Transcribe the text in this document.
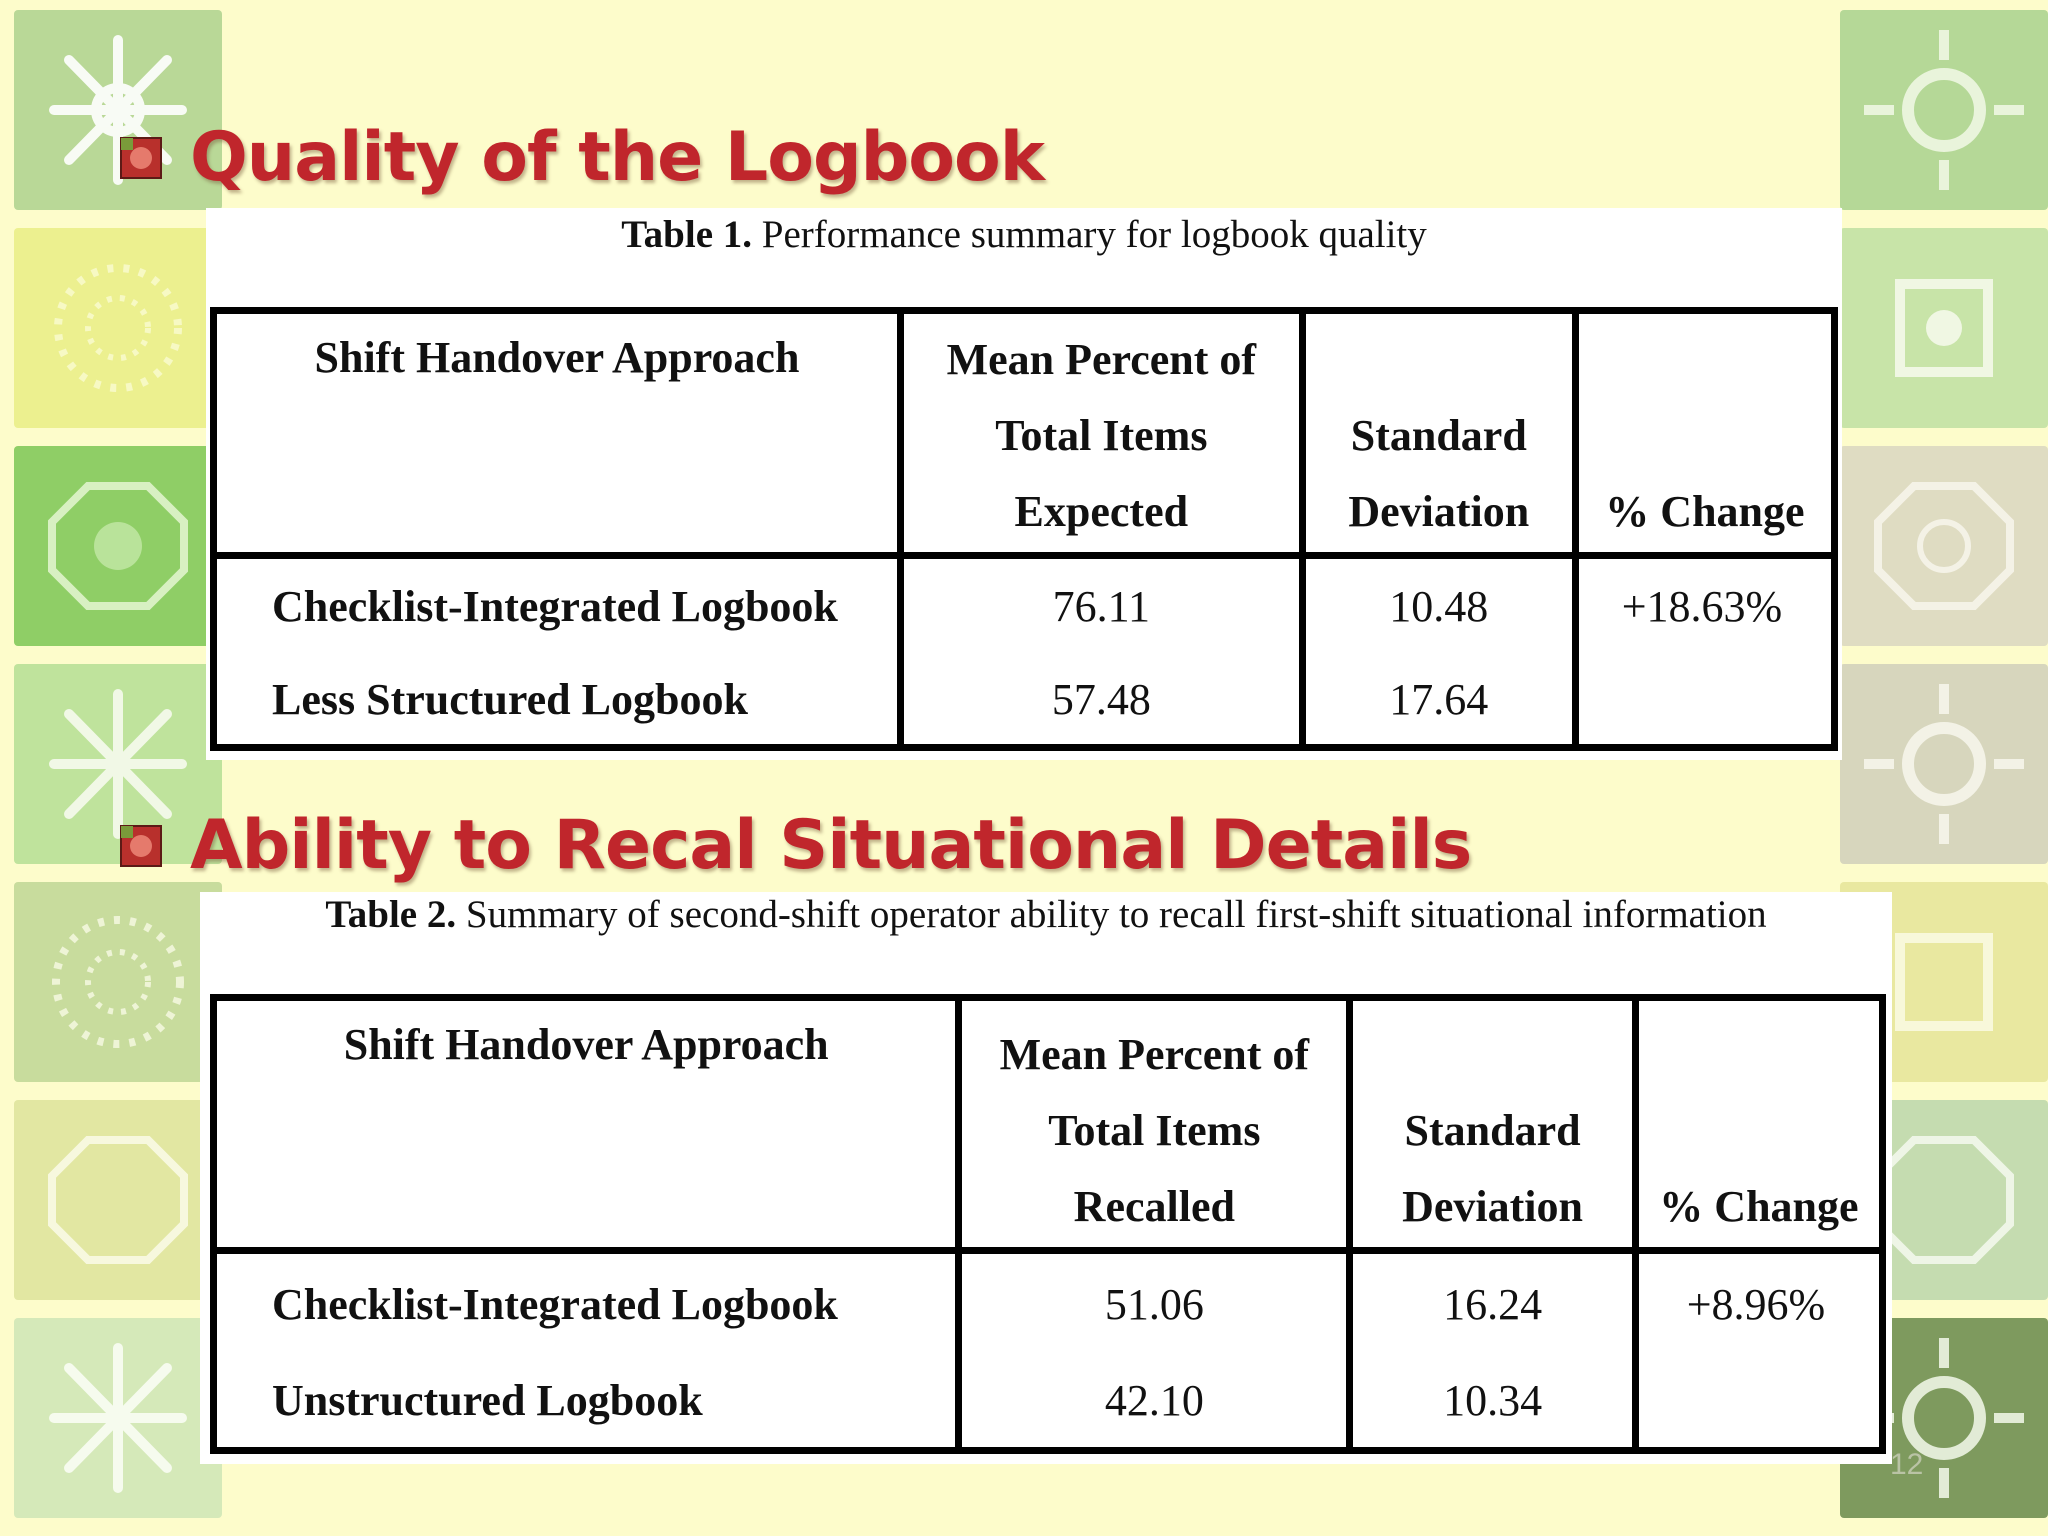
Quality of the Logbook
Table 1. Performance summary for logbook quality
Shift Handover Approach	Mean Percent of Total Items Expected	Standard Deviation	% Change
Checklist-Integrated Logbook	76.11	10.48	+18.63%
Less Structured Logbook	57.48	17.64	
Ability to Recal Situational Details
Table 2. Summary of second-shift operator ability to recall first-shift situational information
Shift Handover Approach	Mean Percent of Total Items Recalled	Standard Deviation	% Change
Checklist-Integrated Logbook	51.06	16.24	+8.96%
Unstructured Logbook	42.10	10.34	
12
